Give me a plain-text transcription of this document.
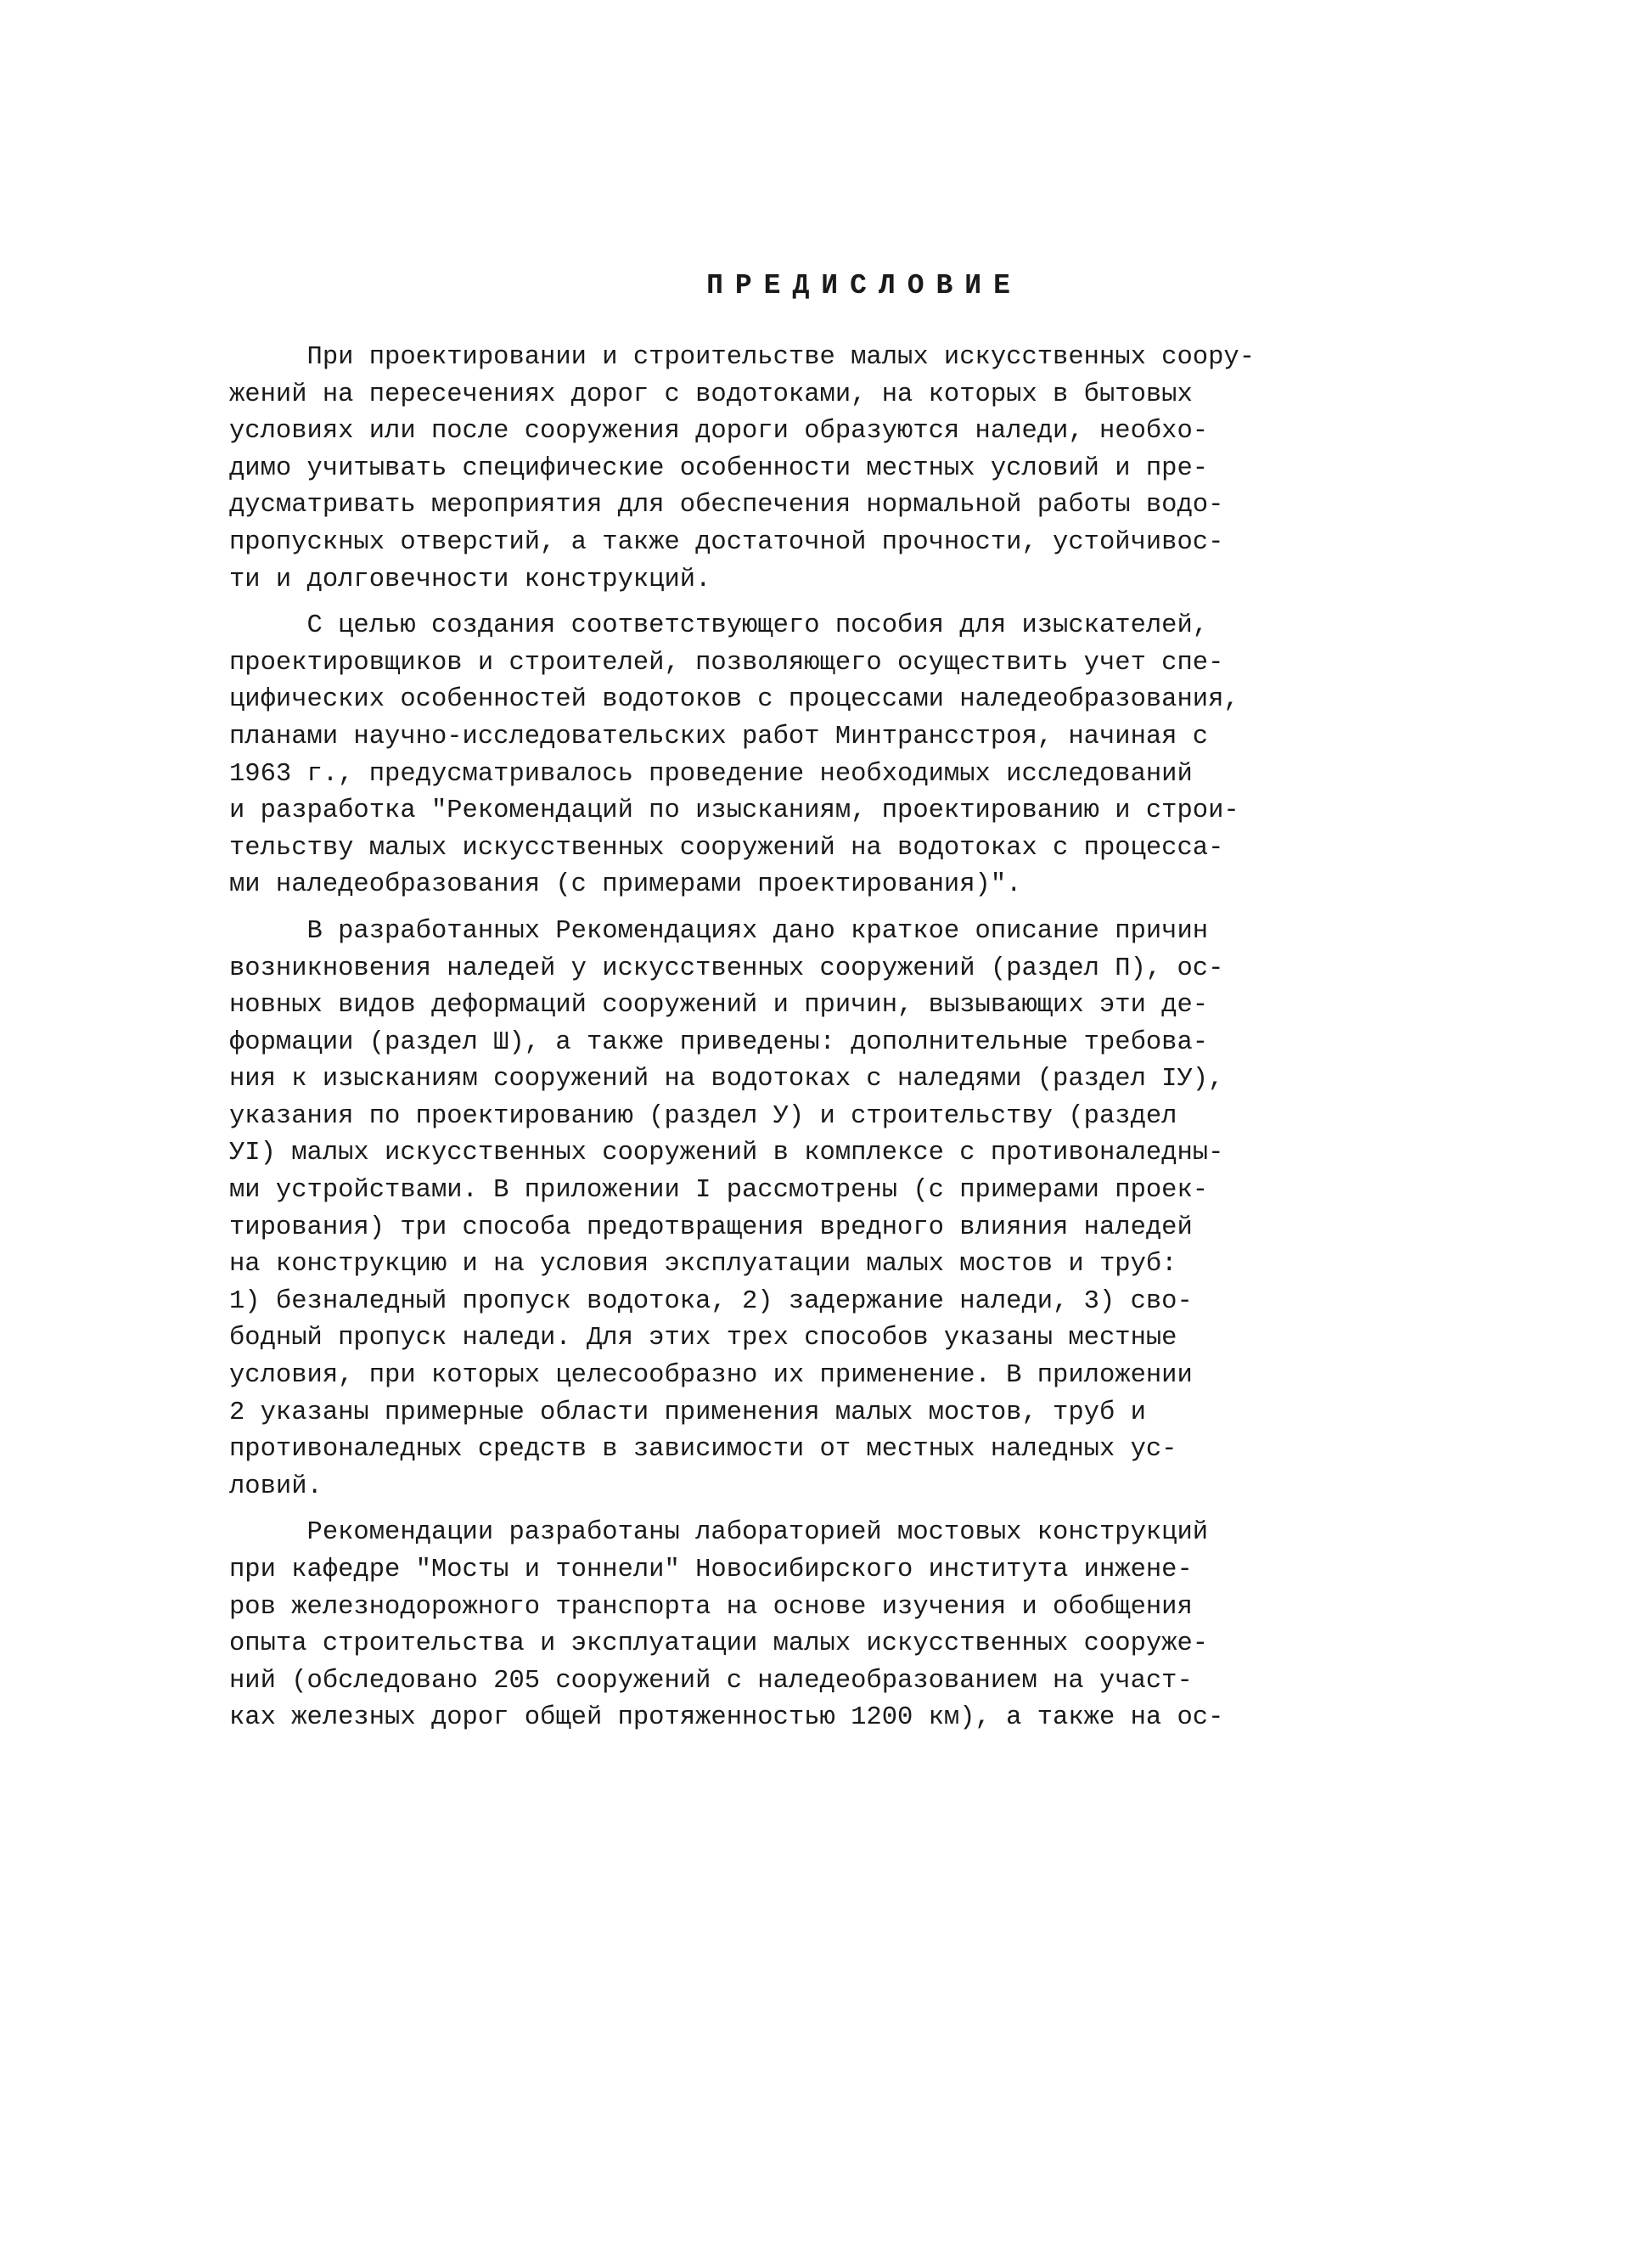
ПРЕДИСЛОВИЕ

При проектировании и строительстве малых искусственных соору-
жений на пересечениях дорог с водотоками, на которых в бытовых
условиях или после сооружения дороги образуются наледи, необхо-
димо учитывать специфические особенности местных условий и пре-
дусматривать мероприятия для обеспечения нормальной работы водо-
пропускных отверстий, а также достаточной прочности, устойчивос-
ти и долговечности конструкций.

С целью создания соответствующего пособия для изыскателей,
проектировщиков и строителей, позволяющего осуществить учет спе-
цифических особенностей водотоков с процессами наледеобразования,
планами научно-исследовательских работ Минтрансстроя, начиная с
1963 г., предусматривалось проведение необходимых исследований
и разработка "Рекомендаций по изысканиям, проектированию и строи-
тельству малых искусственных сооружений на водотоках с процесса-
ми наледеобразования (с примерами проектирования)".

В разработанных Рекомендациях дано краткое описание причин
возникновения наледей у искусственных сооружений (раздел П), ос-
новных видов деформаций сооружений и причин, вызывающих эти де-
формации (раздел Ш), а также приведены: дополнительные требова-
ния к изысканиям сооружений на водотоках с наледями (раздел IУ),
указания по проектированию (раздел У) и строительству (раздел
УI) малых искусственных сооружений в комплексе с противоналедны-
ми устройствами. В приложении I рассмотрены (с примерами проек-
тирования) три способа предотвращения вредного влияния наледей
на конструкцию и на условия эксплуатации малых мостов и труб:
1) безналедный пропуск водотока, 2) задержание наледи, 3) сво-
бодный пропуск наледи. Для этих трех способов указаны местные
условия, при которых целесообразно их применение. В приложении
2 указаны примерные области применения малых мостов, труб и
противоналедных средств в зависимости от местных наледных ус-
ловий.

Рекомендации разработаны лабораторией мостовых конструкций
при кафедре "Мосты и тоннели" Новосибирского института инжене-
ров железнодорожного транспорта на основе изучения и обобщения
опыта строительства и эксплуатации малых искусственных сооруже-
ний (обследовано 205 сооружений с наледеобразованием на участ-
ках железных дорог общей протяженностью 1200 км), а также на ос-
